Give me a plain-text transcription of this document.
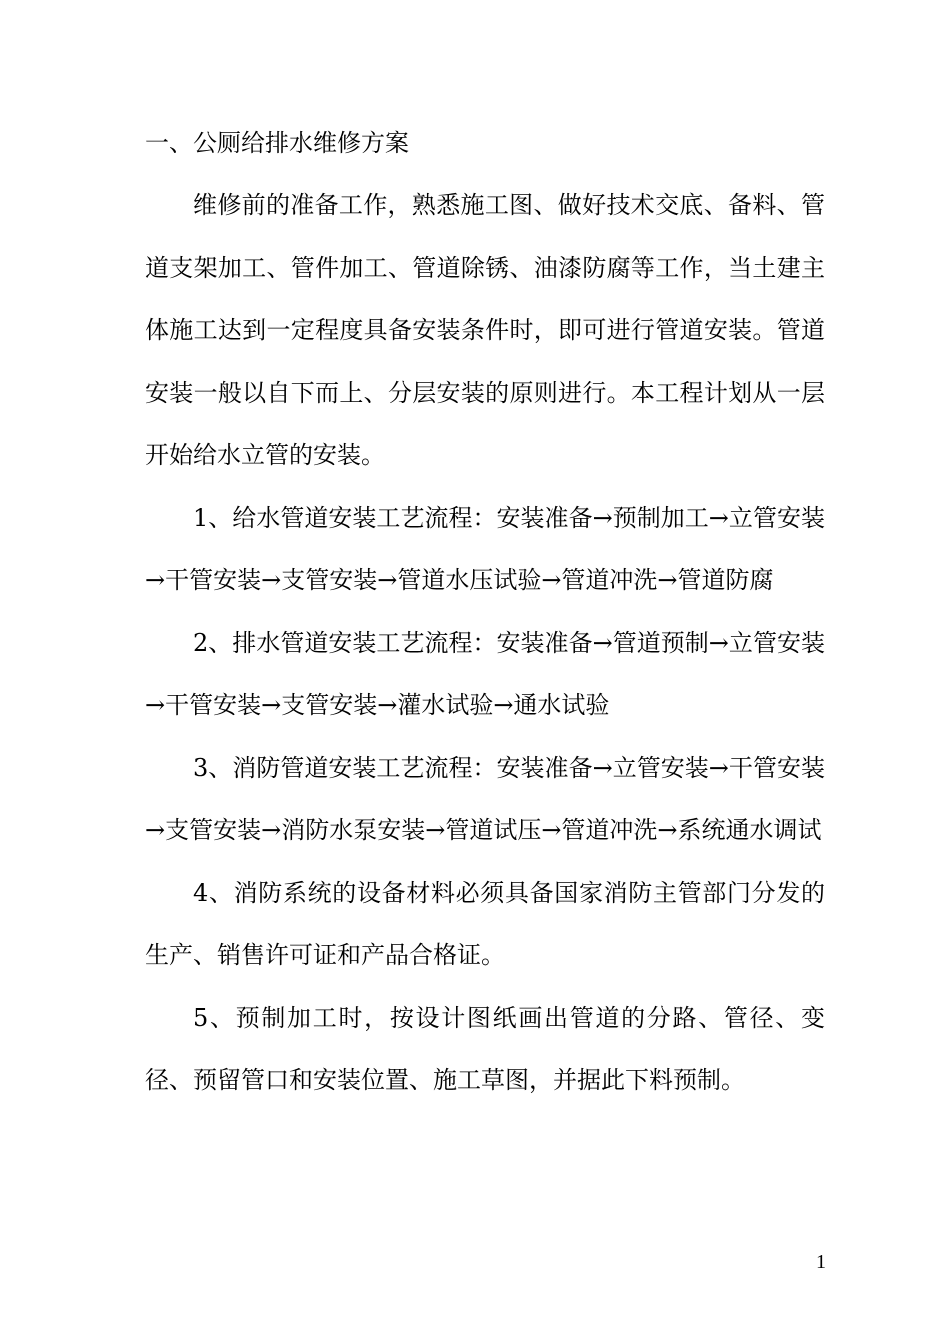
一、公厕给排水维修方案

维修前的准备工作，熟悉施工图、做好技术交底、备料、管道支架加工、管件加工、管道除锈、油漆防腐等工作，当土建主体施工达到一定程度具备安装条件时，即可进行管道安装。管道安装一般以自下而上、分层安装的原则进行。本工程计划从一层开始给水立管的安装。

1、给水管道安装工艺流程：安装准备→预制加工→立管安装→干管安装→支管安装→管道水压试验→管道冲洗→管道防腐

2、排水管道安装工艺流程：安装准备→管道预制→立管安装→干管安装→支管安装→灌水试验→通水试验

3、消防管道安装工艺流程：安装准备→立管安装→干管安装→支管安装→消防水泵安装→管道试压→管道冲洗→系统通水调试

4、消防系统的设备材料必须具备国家消防主管部门分发的生产、销售许可证和产品合格证。

5、预制加工时，按设计图纸画出管道的分路、管径、变径、预留管口和安装位置、施工草图，并据此下料预制。

1
